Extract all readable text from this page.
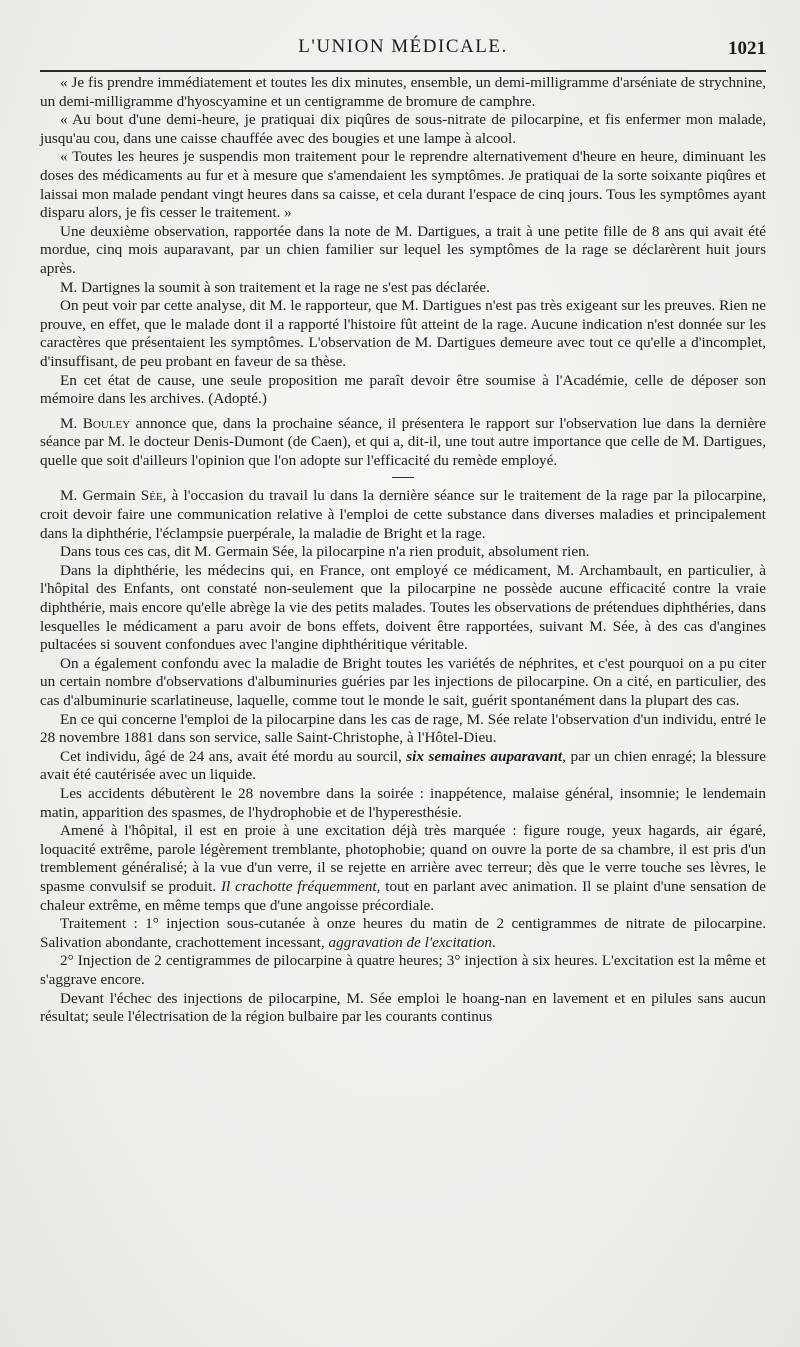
L'UNION MÉDICALE.	1021

« Je fis prendre immédiatement et toutes les dix minutes, ensemble, un demi-milligramme d'arséniate de strychnine, un demi-milligramme d'hyoscyamine et un centigramme de bromure de camphre.

« Au bout d'une demi-heure, je pratiquai dix piqûres de sous-nitrate de pilocarpine, et fis enfermer mon malade, jusqu'au cou, dans une caisse chauffée avec des bougies et une lampe à alcool.

« Toutes les heures je suspendis mon traitement pour le reprendre alternativement d'heure en heure, diminuant les doses des médicaments au fur et à mesure que s'amendaient les symptômes. Je pratiquai de la sorte soixante piqûres et laissai mon malade pendant vingt heures dans sa caisse, et cela durant l'espace de cinq jours. Tous les symptômes ayant disparu alors, je fis cesser le traitement. »

Une deuxième observation, rapportée dans la note de M. Dartigues, a trait à une petite fille de 8 ans qui avait été mordue, cinq mois auparavant, par un chien familier sur lequel les symptômes de la rage se déclarèrent huit jours après.

M. Dartignes la soumit à son traitement et la rage ne s'est pas déclarée.

On peut voir par cette analyse, dit M. le rapporteur, que M. Dartigues n'est pas très exigeant sur les preuves. Rien ne prouve, en effet, que le malade dont il a rapporté l'histoire fût atteint de la rage. Aucune indication n'est donnée sur les caractères que présentaient les symptômes. L'observation de M. Dartigues demeure avec tout ce qu'elle a d'incomplet, d'insuffisant, de peu probant en faveur de sa thèse.

En cet état de cause, une seule proposition me paraît devoir être soumise à l'Académie, celle de déposer son mémoire dans les archives. (Adopté.)

M. Bouley annonce que, dans la prochaine séance, il présentera le rapport sur l'observation lue dans la dernière séance par M. le docteur Denis-Dumont (de Caen), et qui a, dit-il, une tout autre importance que celle de M. Dartigues, quelle que soit d'ailleurs l'opinion que l'on adopte sur l'efficacité du remède employé.

M. Germain Sée, à l'occasion du travail lu dans la dernière séance sur le traitement de la rage par la pilocarpine, croit devoir faire une communication relative à l'emploi de cette substance dans diverses maladies et principalement dans la diphthérie, l'éclampsie puerpérale, la maladie de Bright et la rage.

Dans tous ces cas, dit M. Germain Sée, la pilocarpine n'a rien produit, absolument rien.

Dans la diphthérie, les médecins qui, en France, ont employé ce médicament, M. Archambault, en particulier, à l'hôpital des Enfants, ont constaté non-seulement que la pilocarpine ne possède aucune efficacité contre la vraie diphthérie, mais encore qu'elle abrège la vie des petits malades. Toutes les observations de prétendues diphthéries, dans lesquelles le médicament a paru avoir de bons effets, doivent être rapportées, suivant M. Sée, à des cas d'angines pultacées si souvent confondues avec l'angine diphthéritique véritable.

On a également confondu avec la maladie de Bright toutes les variétés de néphrites, et c'est pourquoi on a pu citer un certain nombre d'observations d'albuminuries guéries par les injections de pilocarpine. On a cité, en particulier, des cas d'albuminurie scarlatineuse, laquelle, comme tout le monde le sait, guérit spontanément dans la plupart des cas.

En ce qui concerne l'emploi de la pilocarpine dans les cas de rage, M. Sée relate l'observation d'un individu, entré le 28 novembre 1881 dans son service, salle Saint-Christophe, à l'Hôtel-Dieu.

Cet individu, âgé de 24 ans, avait été mordu au sourcil, six semaines auparavant, par un chien enragé; la blessure avait été cautérisée avec un liquide.

Les accidents débutèrent le 28 novembre dans la soirée : inappétence, malaise général, insomnie; le lendemain matin, apparition des spasmes, de l'hydrophobie et de l'hyperesthésie.

Amené à l'hôpital, il est en proie à une excitation déjà très marquée : figure rouge, yeux hagards, air égaré, loquacité extrême, parole légèrement tremblante, photophobie; quand on ouvre la porte de sa chambre, il est pris d'un tremblement généralisé; à la vue d'un verre, il se rejette en arrière avec terreur; dès que le verre touche ses lèvres, le spasme convulsif se produit. Il crachotte fréquemment, tout en parlant avec animation. Il se plaint d'une sensation de chaleur extrême, en même temps que d'une angoisse précordiale.

Traitement : 1° injection sous-cutanée à onze heures du matin de 2 centigrammes de nitrate de pilocarpine. Salivation abondante, crachottement incessant, aggravation de l'excitation.

2° Injection de 2 centigrammes de pilocarpine à quatre heures; 3° injection à six heures. L'excitation est la même et s'aggrave encore.

Devant l'échec des injections de pilocarpine, M. Sée emploi le hoang-nan en lavement et en pilules sans aucun résultat; seule l'électrisation de la région bulbaire par les courants continus
